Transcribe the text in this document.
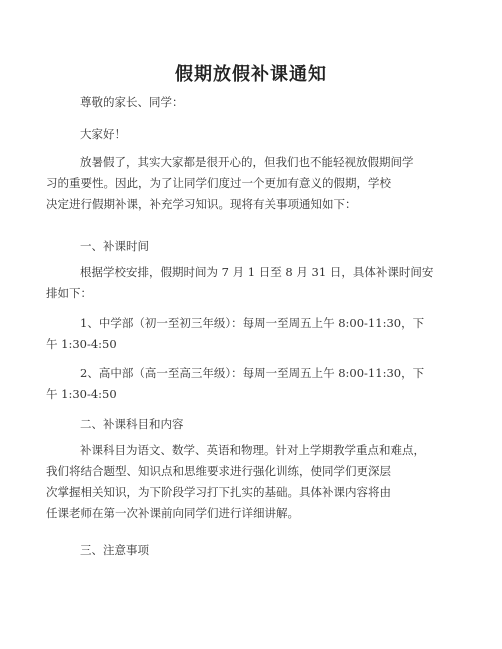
假期放假补课通知

尊敬的家长、同学：

大家好！

放暑假了，其实大家都是很开心的，但我们也不能轻视放假期间学
习的重要性。因此，为了让同学们度过一个更加有意义的假期，学校
决定进行假期补课，补充学习知识。现将有关事项通知如下：

一、补课时间

根据学校安排，假期时间为 7 月 1 日至 8 月 31 日，具体补课时间安
排如下：

1、中学部（初一至初三年级）：每周一至周五上午 8:00-11:30，下
午 1:30-4:50

2、高中部（高一至高三年级）：每周一至周五上午 8:00-11:30，下
午 1:30-4:50

二、补课科目和内容

补课科目为语文、数学、英语和物理。针对上学期教学重点和难点，
我们将结合题型、知识点和思维要求进行强化训练，使同学们更深层
次掌握相关知识，为下阶段学习打下扎实的基础。具体补课内容将由
任课老师在第一次补课前向同学们进行详细讲解。

三、注意事项
